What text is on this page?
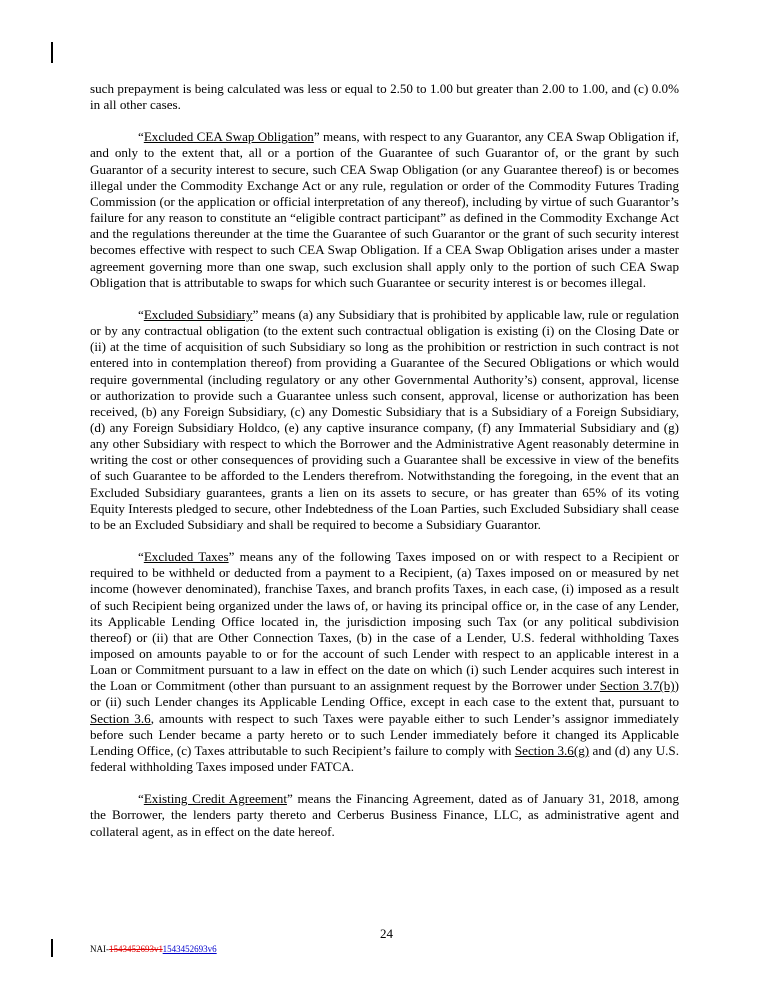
such prepayment is being calculated was less or equal to 2.50 to 1.00 but greater than 2.00 to 1.00, and (c) 0.0% in all other cases.

“Excluded CEA Swap Obligation” means, with respect to any Guarantor, any CEA Swap Obligation if, and only to the extent that, all or a portion of the Guarantee of such Guarantor of, or the grant by such Guarantor of a security interest to secure, such CEA Swap Obligation (or any Guarantee thereof) is or becomes illegal under the Commodity Exchange Act or any rule, regulation or order of the Commodity Futures Trading Commission (or the application or official interpretation of any thereof), including by virtue of such Guarantor’s failure for any reason to constitute an “eligible contract participant” as defined in the Commodity Exchange Act and the regulations thereunder at the time the Guarantee of such Guarantor or the grant of such security interest becomes effective with respect to such CEA Swap Obligation. If a CEA Swap Obligation arises under a master agreement governing more than one swap, such exclusion shall apply only to the portion of such CEA Swap Obligation that is attributable to swaps for which such Guarantee or security interest is or becomes illegal.

“Excluded Subsidiary” means (a) any Subsidiary that is prohibited by applicable law, rule or regulation or by any contractual obligation (to the extent such contractual obligation is existing (i) on the Closing Date or (ii) at the time of acquisition of such Subsidiary so long as the prohibition or restriction in such contract is not entered into in contemplation thereof) from providing a Guarantee of the Secured Obligations or which would require governmental (including regulatory or any other Governmental Authority’s) consent, approval, license or authorization to provide such a Guarantee unless such consent, approval, license or authorization has been received, (b) any Foreign Subsidiary, (c) any Domestic Subsidiary that is a Subsidiary of a Foreign Subsidiary, (d) any Foreign Subsidiary Holdco, (e) any captive insurance company, (f) any Immaterial Subsidiary and (g) any other Subsidiary with respect to which the Borrower and the Administrative Agent reasonably determine in writing the cost or other consequences of providing such a Guarantee shall be excessive in view of the benefits of such Guarantee to be afforded to the Lenders therefrom. Notwithstanding the foregoing, in the event that an Excluded Subsidiary guarantees, grants a lien on its assets to secure, or has greater than 65% of its voting Equity Interests pledged to secure, other Indebtedness of the Loan Parties, such Excluded Subsidiary shall cease to be an Excluded Subsidiary and shall be required to become a Subsidiary Guarantor.

“Excluded Taxes” means any of the following Taxes imposed on or with respect to a Recipient or required to be withheld or deducted from a payment to a Recipient, (a) Taxes imposed on or measured by net income (however denominated), franchise Taxes, and branch profits Taxes, in each case, (i) imposed as a result of such Recipient being organized under the laws of, or having its principal office or, in the case of any Lender, its Applicable Lending Office located in, the jurisdiction imposing such Tax (or any political subdivision thereof) or (ii) that are Other Connection Taxes, (b) in the case of a Lender, U.S. federal withholding Taxes imposed on amounts payable to or for the account of such Lender with respect to an applicable interest in a Loan or Commitment pursuant to a law in effect on the date on which (i) such Lender acquires such interest in the Loan or Commitment (other than pursuant to an assignment request by the Borrower under Section 3.7(b)) or (ii) such Lender changes its Applicable Lending Office, except in each case to the extent that, pursuant to Section 3.6, amounts with respect to such Taxes were payable either to such Lender’s assignor immediately before such Lender became a party hereto or to such Lender immediately before it changed its Applicable Lending Office, (c) Taxes attributable to such Recipient’s failure to comply with Section 3.6(g) and (d) any U.S. federal withholding Taxes imposed under FATCA.

“Existing Credit Agreement” means the Financing Agreement, dated as of January 31, 2018, among the Borrower, the lenders party thereto and Cerberus Business Finance, LLC, as administrative agent and collateral agent, as in effect on the date hereof.

24
NAI-1543452693v11543452693v6
